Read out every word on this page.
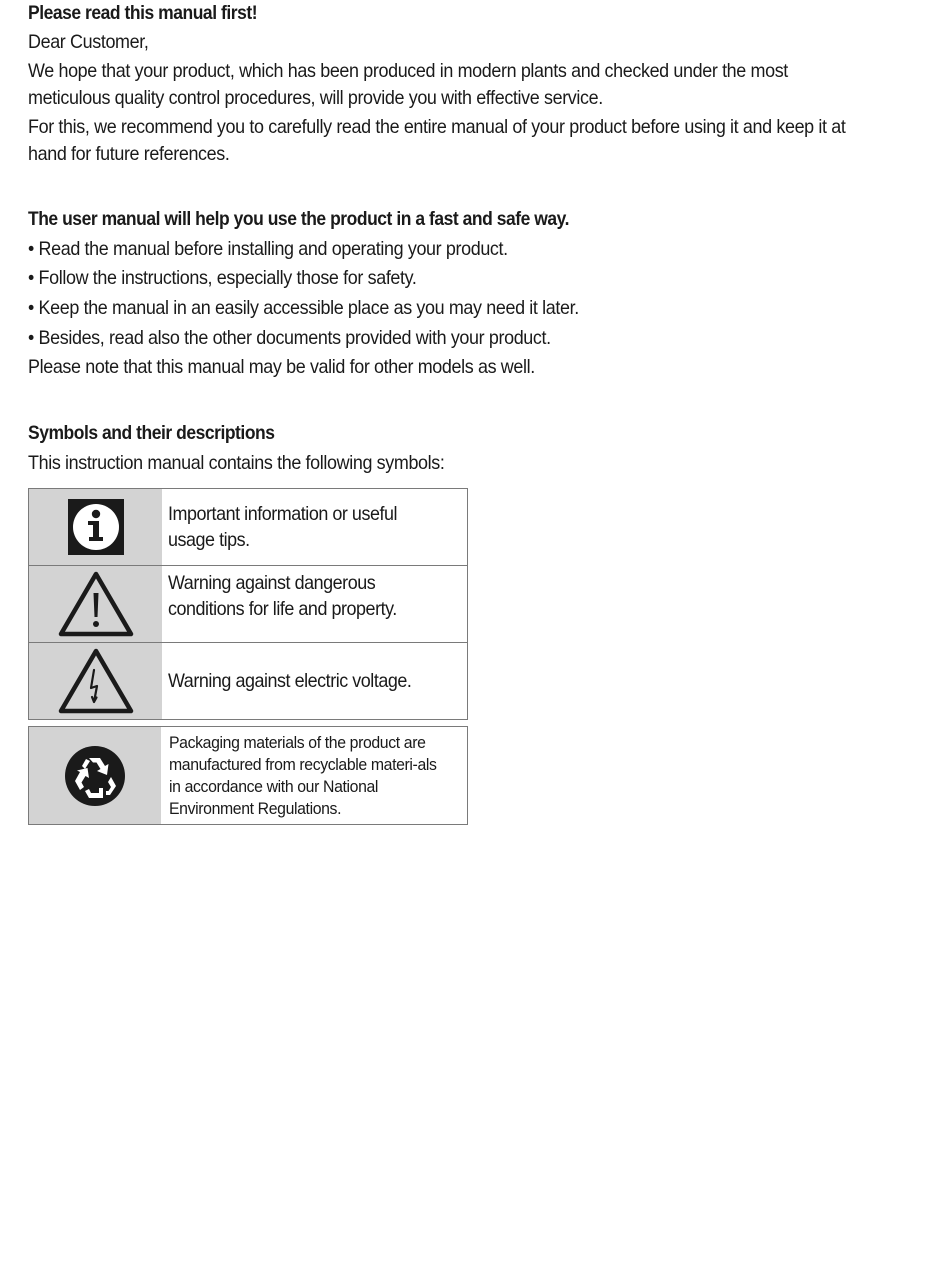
Please read this manual first!
Dear Customer,
We hope that your product, which has been produced in modern plants and checked under the most meticulous quality control procedures, will provide you with effective service.
For this, we recommend you to carefully read the entire manual of your product before using it and keep it at hand for future references.
The user manual will help you use the product in a fast and safe way.
• Read the manual before installing and operating your product.
• Follow the instructions, especially those for safety.
• Keep the manual in an easily accessible place as you may need it later.
• Besides, read also the other documents provided with your product.
Please note that this manual may be valid for other models as well.
Symbols and their descriptions
This instruction manual contains the following symbols:
Important information or useful usage tips.
Warning against dangerous conditions for life and property.
Warning against electric voltage.
Packaging materials of the product are manufactured from recyclable materi-als in accordance with our National Environment Regulations.
